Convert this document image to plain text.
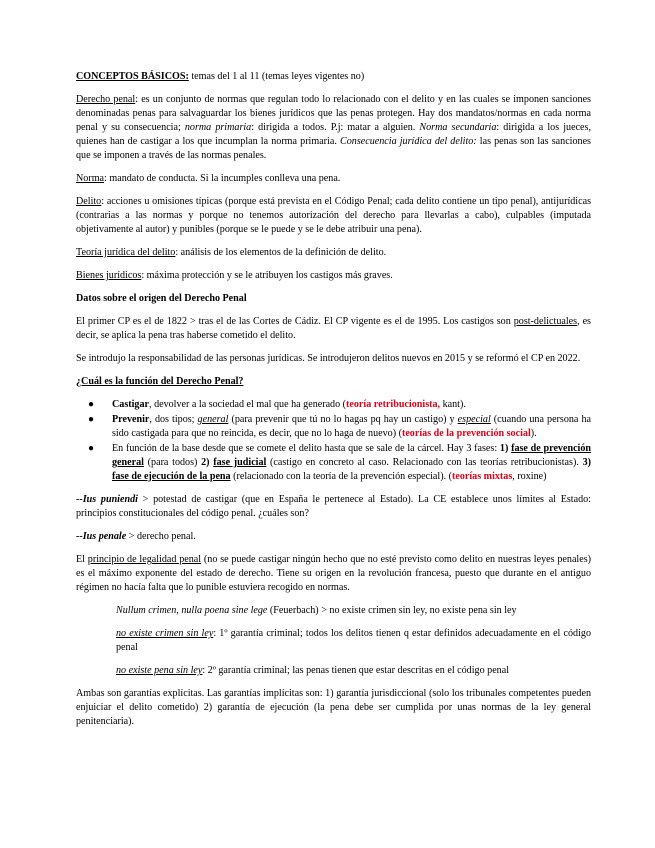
CONCEPTOS BÁSICOS: temas del 1 al 11 (temas leyes vigentes no)

Derecho penal: es un conjunto de normas que regulan todo lo relacionado con el delito y en las cuales se imponen sanciones denominadas penas para salvaguardar los bienes jurídicos que las penas protegen. Hay dos mandatos/normas en cada norma penal y su consecuencia; norma primaria: dirigida a todos. P.j: matar a alguien. Norma secundaria: dirigida a los jueces, quienes han de castigar a los que incumplan la norma primaria. Consecuencia jurídica del delito: las penas son las sanciones que se imponen a través de las normas penales.

Norma: mandato de conducta. Si la incumples conlleva una pena.

Delito: acciones u omisiones típicas (porque está prevista en el Código Penal; cada delito contiene un tipo penal), antijurídicas (contrarias a las normas y porque no tenemos autorización del derecho para llevarlas a cabo), culpables (imputada objetivamente al autor) y punibles (porque se le puede y se le debe atribuir una pena).

Teoría jurídica del delito: análisis de los elementos de la definición de delito.

Bienes jurídicos: máxima protección y se le atribuyen los castigos más graves.

Datos sobre el origen del Derecho Penal

El primer CP es el de 1822 > tras el de las Cortes de Cádiz. El CP vigente es el de 1995. Los castigos son post-delictuales, es decir, se aplica la pena tras haberse cometido el delito.

Se introdujo la responsabilidad de las personas jurídicas. Se introdujeron delitos nuevos en 2015 y se reformó el CP en 2022.

¿Cuál es la función del Derecho Penal?

● Castigar, devolver a la sociedad el mal que ha generado (teoría retribucionista, kant).
● Prevenir, dos tipos; general (para prevenir que tú no lo hagas pq hay un castigo) y especial (cuando una persona ha sido castigada para que no reincida, es decir, que no lo haga de nuevo) (teorías de la prevención social).
● En función de la base desde que se comete el delito hasta que se sale de la cárcel. Hay 3 fases: 1) fase de prevención general (para todos) 2) fase judicial (castigo en concreto al caso. Relacionado con las teorías retribucionistas). 3) fase de ejecución de la pena (relacionado con la teoría de la prevención especial). (teorías mixtas, roxine)

--Ius puniendi > potestad de castigar (que en España le pertenece al Estado). La CE establece unos límites al Estado: principios constitucionales del código penal. ¿cuáles son?

--Ius penale > derecho penal.

El principio de legalidad penal (no se puede castigar ningún hecho que no esté previsto como delito en nuestras leyes penales) es el máximo exponente del estado de derecho. Tiene su origen en la revolución francesa, puesto que durante en el antiguo régimen no hacía falta que lo punible estuviera recogido en normas.

Nullum crimen, nulla poena sine lege (Feuerbach) > no existe crimen sin ley, no existe pena sin ley

no existe crimen sin ley: 1º garantía criminal; todos los delitos tienen q estar definidos adecuadamente en el código penal

no existe pena sin ley: 2º garantía criminal; las penas tienen que estar descritas en el código penal

Ambas son garantías explícitas. Las garantías implícitas son: 1) garantía jurisdiccional (solo los tribunales competentes pueden enjuiciar el delito cometido) 2) garantía de ejecución (la pena debe ser cumplida por unas normas de la ley general penitenciaria).
